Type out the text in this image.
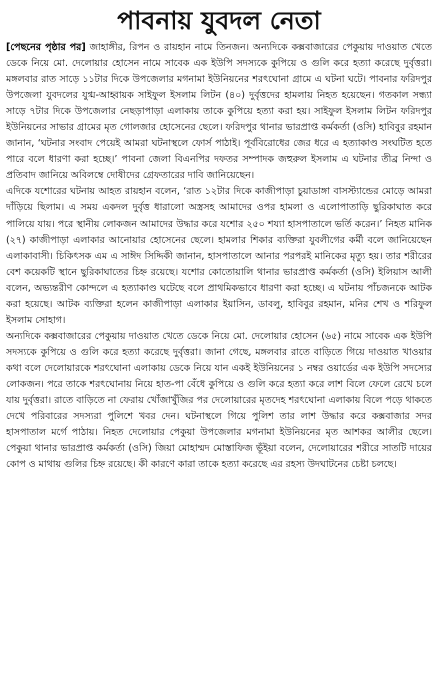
পাবনায় যুবদল নেতা

[পেছনের পৃষ্ঠার পর] জাহাঙ্গীর, রিপন ও রায়হান নামে তিনজন। অন্যদিকে কক্সবাজারের পেকুয়ায় দাওয়াত খেতে ডেকে নিয়ে মো. দেলোয়ার হোসেন নামে সাবেক এক ইউপি সদস্যকে কুপিয়ে ও গুলি করে হত্যা করেছে দুর্বৃত্তরা। মঙ্গলবার রাত সাড়ে ১১টার দিকে উপজেলার মগনামা ইউনিয়নের শরৎঘোনা গ্রামে এ ঘটনা ঘটে। পাবনার ফরিদপুর উপজেলা যুবদলের যুগ্ম-আহ্বায়ক সাইফুল ইসলাম লিটন (৪০) দুর্বৃত্তদের হামলায় নিহত হয়েছেন। গতকাল সন্ধ্যা সাড়ে ৭টার দিকে উপজেলার নেছড়াপাড়া এলাকায় তাকে কুপিয়ে হত্যা করা হয়। সাইফুল ইসলাম লিটন ফরিদপুর ইউনিয়নের সাভার গ্রামের মৃত গোলজার হোসেনের ছেলে। ফরিদপুর থানার ভারপ্রাপ্ত কর্মকর্তা (ওসি) হাবিবুর রহমান জানান, ‘ঘটনার সংবাদ পেয়েই আমরা ঘটনাস্থলে ফোর্স পাঠাই। পূর্ববিরোধের জের ধরে এ হত্যাকাণ্ড সংঘটিত হতে পারে বলে ধারণা করা হচ্ছে।’ পাবনা জেলা বিএনপির দফতর সম্পাদক জহুরুল ইসলাম এ ঘটনার তীব্র নিন্দা ও প্রতিবাদ জানিয়ে অবিলম্বে দোষীদের গ্রেফতারের দাবি জানিয়েছেন।

এদিকে যশোরের ঘটনায় আহত রায়হান বলেন, ‘রাত ১২টার দিকে কাজীপাড়া চুয়াডাঙ্গা বাসস্ট্যান্ডের মোড়ে আমরা দাঁড়িয়ে ছিলাম। এ সময় একদল দুর্বৃত্ত ধারালো অস্ত্রসহ আমাদের ওপর হামলা ও এলোপাতাড়ি ছুরিকাঘাত করে পালিয়ে যায়। পরে স্থানীয় লোকজন আমাদের উদ্ধার করে যশোর ২৫০ শয্যা হাসপাতালে ভর্তি করেন।’ নিহত মানিক (২৭) কাজীপাড়া এলাকার আনোয়ার হোসেনের ছেলে। হামলার শিকার ব্যক্তিরা যুবলীগের কর্মী বলে জানিয়েছেন এলাকাবাসী। চিকিৎসক এম এ সাঈদ সিদ্দিকী জানান, হাসপাতালে আনার পরপরই মানিকের মৃত্যু হয়। তার শরীরের বেশ কয়েকটি স্থানে ছুরিকাঘাতের চিহ্ন রয়েছে। যশোর কোতোয়ালি থানার ভারপ্রাপ্ত কর্মকর্তা (ওসি) ইলিয়াস আলী বলেন, অভ্যন্তরীণ কোন্দলে এ হত্যাকাণ্ড ঘটেছে বলে প্রাথমিকভাবে ধারণা করা হচ্ছে। এ ঘটনায় পাঁচজনকে আটক করা হয়েছে। আটক ব্যক্তিরা হলেন কাজীপাড়া এলাকার ইয়াসিন, ডাবলু, হাবিবুর রহমান, মনির শেখ ও শরিফুল ইসলাম সোহাগ।

অন্যদিকে কক্সবাজারের পেকুয়ায় দাওয়াত খেতে ডেকে নিয়ে মো. দেলোয়ার হোসেন (৬৫) নামে সাবেক এক ইউপি সদস্যকে কুপিয়ে ও গুলি করে হত্যা করেছে দুর্বৃত্তরা। জানা গেছে, মঙ্গলবার রাতে বাড়িতে গিয়ে দাওয়াত খাওয়ার কথা বলে দেলোয়ারকে শরৎঘোনা এলাকায় ডেকে নিয়ে যান একই ইউনিয়নের ১ নম্বর ওয়ার্ডের এক ইউপি সদস্যের লোকজন। পরে তাকে শরৎঘোনায় নিয়ে হাত-পা বেঁধে কুপিয়ে ও গুলি করে হত্যা করে লাশ বিলে ফেলে রেখে চলে যায় দুর্বৃত্তরা। রাতে বাড়িতে না ফেরায় খোঁজাখুঁজির পর দেলোয়ারের মৃতদেহ শরৎঘোনা এলাকায় বিলে পড়ে থাকতে দেখে পরিবারের সদস্যরা পুলিশে খবর দেন। ঘটনাস্থলে গিয়ে পুলিশ তার লাশ উদ্ধার করে কক্সবাজার সদর হাসপাতাল মর্গে পাঠায়। নিহত দেলোয়ার পেকুয়া উপজেলার মগনামা ইউনিয়নের মৃত আশকর আলীর ছেলে। পেকুয়া থানার ভারপ্রাপ্ত কর্মকর্তা (ওসি) জিয়া মোহাম্মদ মোস্তাফিজ ভূঁইয়া বলেন, দেলোয়ারের শরীরে সাতটি দায়ের কোপ ও মাথায় গুলির চিহ্ন রয়েছে। কী কারণে কারা তাকে হত্যা করেছে এর রহস্য উদঘাটনের চেষ্টা চলছে।
